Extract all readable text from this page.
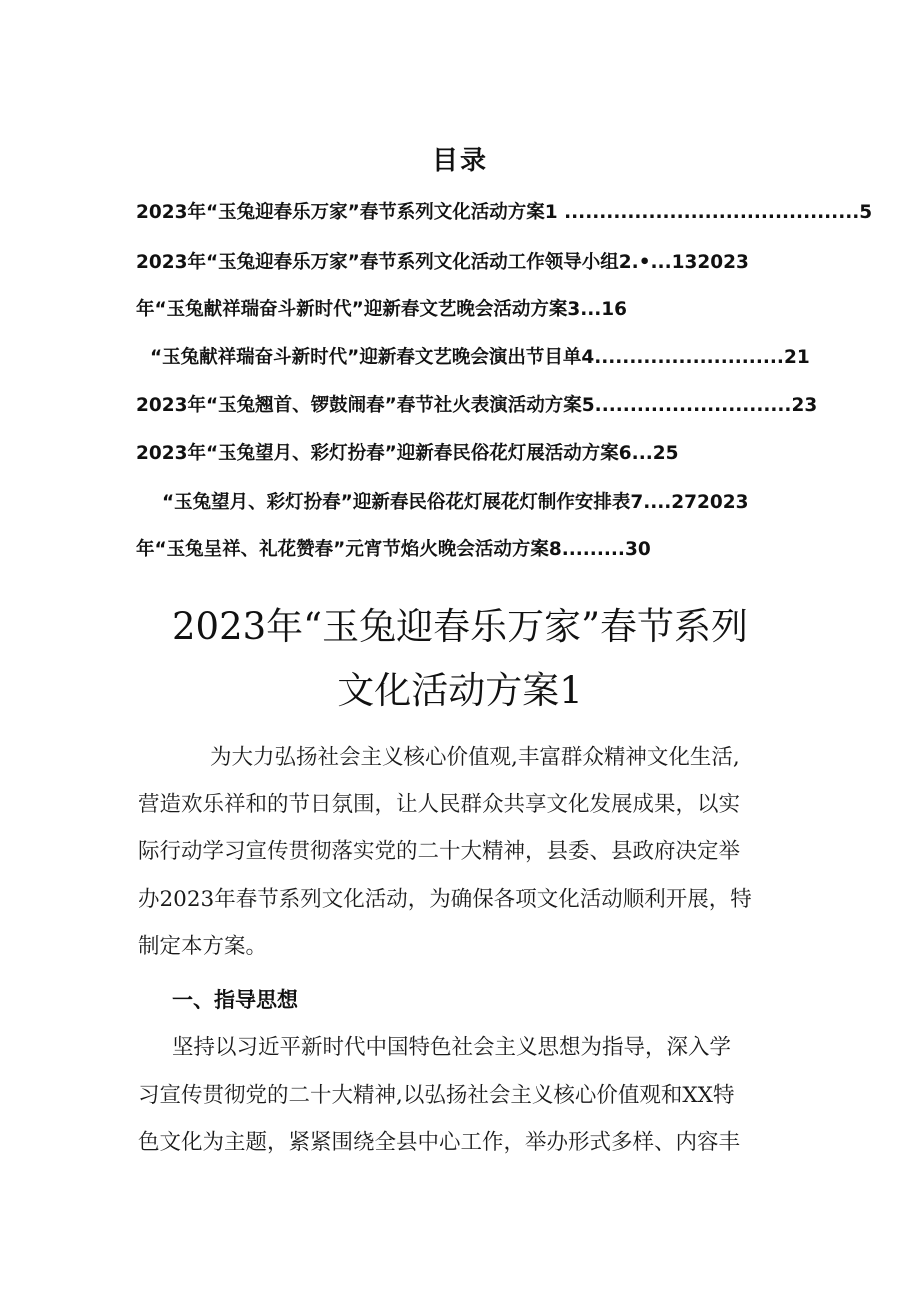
目录
2023年“玉兔迎春乐万家”春节系列文化活动方案1 ..........................................5
2023年“玉兔迎春乐万家”春节系列文化活动工作领导小组2.•...132023
年“玉兔献祥瑞奋斗新时代”迎新春文艺晚会活动方案3...16
“玉兔献祥瑞奋斗新时代”迎新春文艺晚会演出节目单4...........................21
2023年“玉兔翘首、锣鼓闹春”春节社火表演活动方案5............................23
2023年“玉兔望月、彩灯扮春”迎新春民俗花灯展活动方案6...25
“玉兔望月、彩灯扮春”迎新春民俗花灯展花灯制作安排表7....272023
年“玉兔呈祥、礼花赞春”元宵节焰火晚会活动方案8.........30
2023年“玉兔迎春乐万家”春节系列
文化活动方案1
为大力弘扬社会主义核心价值观,丰富群众精神文化生活,
营造欢乐祥和的节日氛围，让人民群众共享文化发展成果，以实
际行动学习宣传贯彻落实党的二十大精神，县委、县政府决定举
办2023年春节系列文化活动，为确保各项文化活动顺利开展，特
制定本方案。
一、指导思想
坚持以习近平新时代中国特色社会主义思想为指导，深入学
习宣传贯彻党的二十大精神,以弘扬社会主义核心价值观和XX特
色文化为主题，紧紧围绕全县中心工作，举办形式多样、内容丰
